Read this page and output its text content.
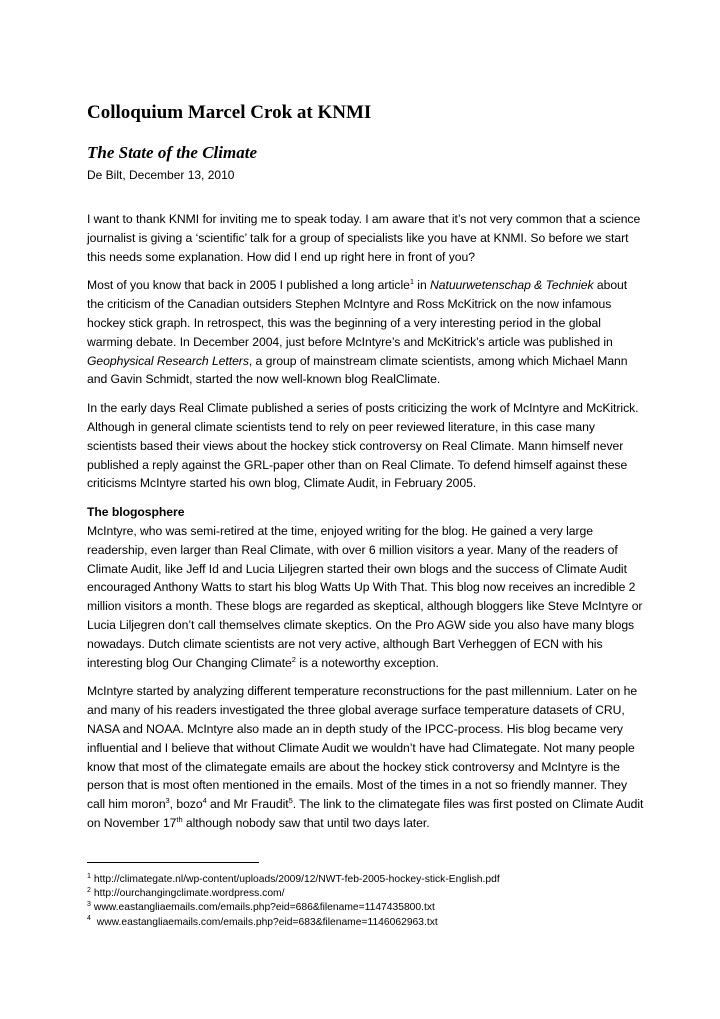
Colloquium Marcel Crok at KNMI
The State of the Climate
De Bilt, December 13, 2010

I want to thank KNMI for inviting me to speak today. I am aware that it’s not very common that a science journalist is giving a ‘scientific’ talk for a group of specialists like you have at KNMI. So before we start this needs some explanation. How did I end up right here in front of you?

Most of you know that back in 2005 I published a long article$^1$ in Natuurwetenschap & Techniek about the criticism of the Canadian outsiders Stephen McIntyre and Ross McKitrick on the now infamous hockey stick graph. In retrospect, this was the beginning of a very interesting period in the global warming debate. In December 2004, just before McIntyre’s and McKitrick’s article was published in Geophysical Research Letters, a group of mainstream climate scientists, among which Michael Mann and Gavin Schmidt, started the now well-known blog RealClimate.

In the early days Real Climate published a series of posts criticizing the work of McIntyre and McKitrick. Although in general climate scientists tend to rely on peer reviewed literature, in this case many scientists based their views about the hockey stick controversy on Real Climate. Mann himself never published a reply against the GRL-paper other than on Real Climate. To defend himself against these criticisms McIntyre started his own blog, Climate Audit, in February 2005.

The blogosphere
McIntyre, who was semi-retired at the time, enjoyed writing for the blog. He gained a very large readership, even larger than Real Climate, with over 6 million visitors a year. Many of the readers of Climate Audit, like Jeff Id and Lucia Liljegren started their own blogs and the success of Climate Audit encouraged Anthony Watts to start his blog Watts Up With That. This blog now receives an incredible 2 million visitors a month. These blogs are regarded as skeptical, although bloggers like Steve McIntyre or Lucia Liljegren don’t call themselves climate skeptics. On the Pro AGW side you also have many blogs nowadays. Dutch climate scientists are not very active, although Bart Verheggen of ECN with his interesting blog Our Changing Climate$^2$ is a noteworthy exception.

McIntyre started by analyzing different temperature reconstructions for the past millennium. Later on he and many of his readers investigated the three global average surface temperature datasets of CRU, NASA and NOAA. McIntyre also made an in depth study of the IPCC-process. His blog became very influential and I believe that without Climate Audit we wouldn’t have had Climategate. Not many people know that most of the climategate emails are about the hockey stick controversy and McIntyre is the person that is most often mentioned in the emails. Most of the times in a not so friendly manner. They call him moron$^3$, bozo$^4$ and Mr Fraudit$^5$. The link to the climategate files was first posted on Climate Audit on November 17th although nobody saw that until two days later.

$^1$ http://climategate.nl/wp-content/uploads/2009/12/NWT-feb-2005-hockey-stick-English.pdf
$^2$ http://ourchangingclimate.wordpress.com/
$^3$ www.eastangliaemails.com/emails.php?eid=686&filename=1147435800.txt
$^4$ www.eastangliaemails.com/emails.php?eid=683&filename=1146062963.txt
